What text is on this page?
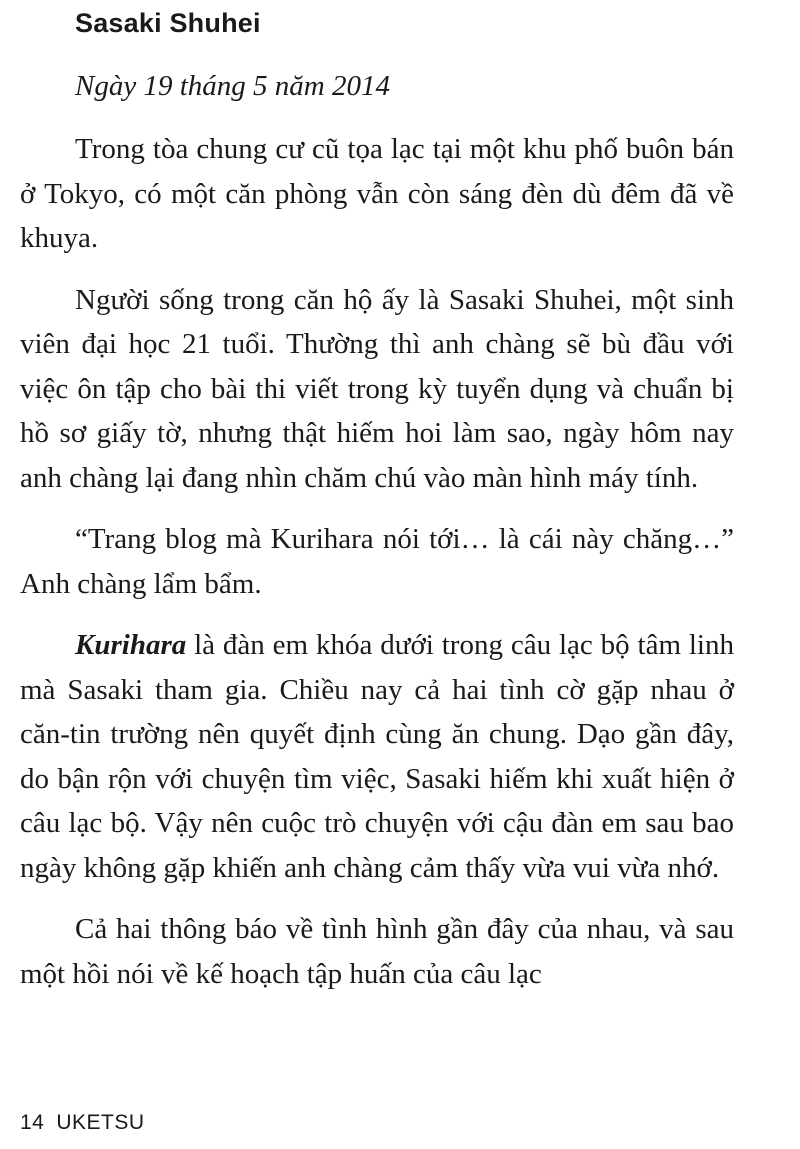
Sasaki Shuhei
Ngày 19 tháng 5 năm 2014

Trong tòa chung cư cũ tọa lạc tại một khu phố buôn bán ở Tokyo, có một căn phòng vẫn còn sáng đèn dù đêm đã về khuya.

Người sống trong căn hộ ấy là Sasaki Shuhei, một sinh viên đại học 21 tuổi. Thường thì anh chàng sẽ bù đầu với việc ôn tập cho bài thi viết trong kỳ tuyển dụng và chuẩn bị hồ sơ giấy tờ, nhưng thật hiếm hoi làm sao, ngày hôm nay anh chàng lại đang nhìn chăm chú vào màn hình máy tính.

“Trang blog mà Kurihara nói tới… là cái này chăng…” Anh chàng lẩm bẩm.

Kurihara là đàn em khóa dưới trong câu lạc bộ tâm linh mà Sasaki tham gia. Chiều nay cả hai tình cờ gặp nhau ở căn-tin trường nên quyết định cùng ăn chung. Dạo gần đây, do bận rộn với chuyện tìm việc, Sasaki hiếm khi xuất hiện ở câu lạc bộ. Vậy nên cuộc trò chuyện với cậu đàn em sau bao ngày không gặp khiến anh chàng cảm thấy vừa vui vừa nhớ.

Cả hai thông báo về tình hình gần đây của nhau, và sau một hồi nói về kế hoạch tập huấn của câu lạc

14 UKETSU
